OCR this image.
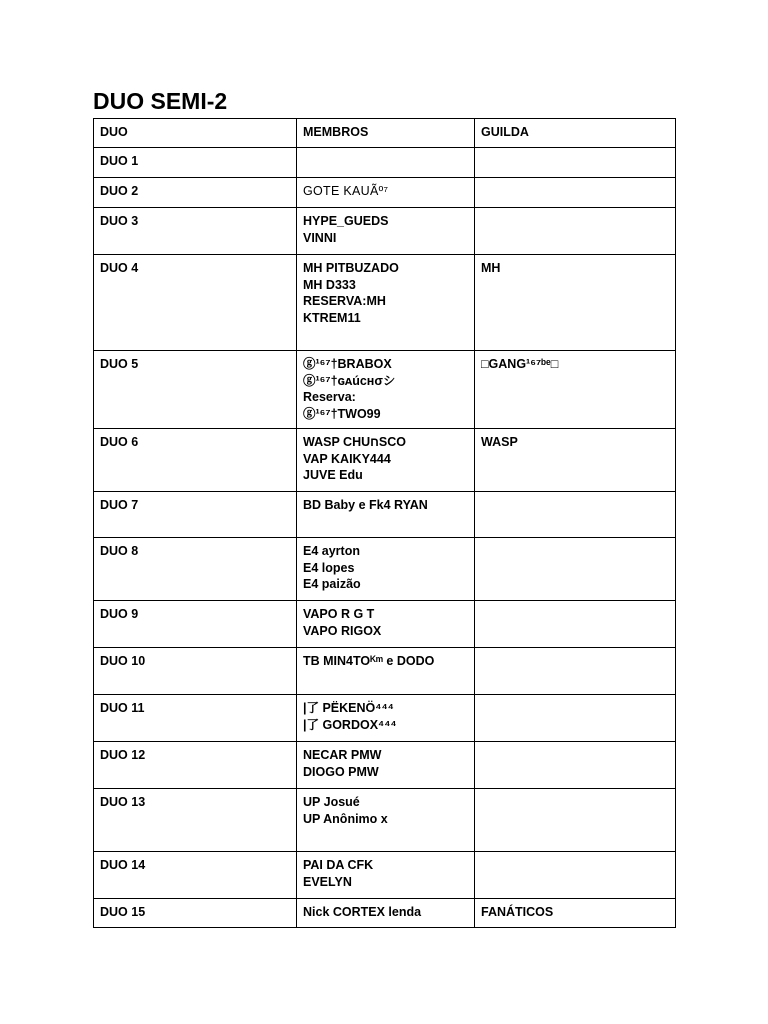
DUO SEMI-2
DUO	MEMBROS	GUILDA
DUO 1		
DUO 2	GOTE KAUÃº⁷	
DUO 3	HYPE_GUEDS
VINNI	
DUO 4	MH PITBUZADO
MH D333
RESERVA:MH
KTREM11	MH
DUO 5	ⓖ¹⁶⁷†BRABOX
ⓖ¹⁶⁷†ɢᴀúᴄʜσシ
Reserva:
ⓖ¹⁶⁷†TWO99	□GANG¹⁶⁷ᵇᵉ□
DUO 6	WASP CHUחSCO
VAP KAIKY444
JUVE Edu	WASP
DUO 7	BD Baby e Fk4 RYAN	
DUO 8	E4 ayrton
E4 lopes
E4 paizão	
DUO 9	VAPO R G T
VAPO RIGOX	
DUO 10	TB MIN4TOᴷᵐ e DODO	
DUO 11	|了 PËKENÖ⁴⁴⁴
|了 GORDOX⁴⁴⁴	
DUO 12	NECAR PMW
DIOGO PMW	
DUO 13	UP Josué
UP Anônimo x	
DUO 14	PAI DA CFK
EVELYN	
DUO 15	Nick CORTEX lenda	FANÁTICOS
